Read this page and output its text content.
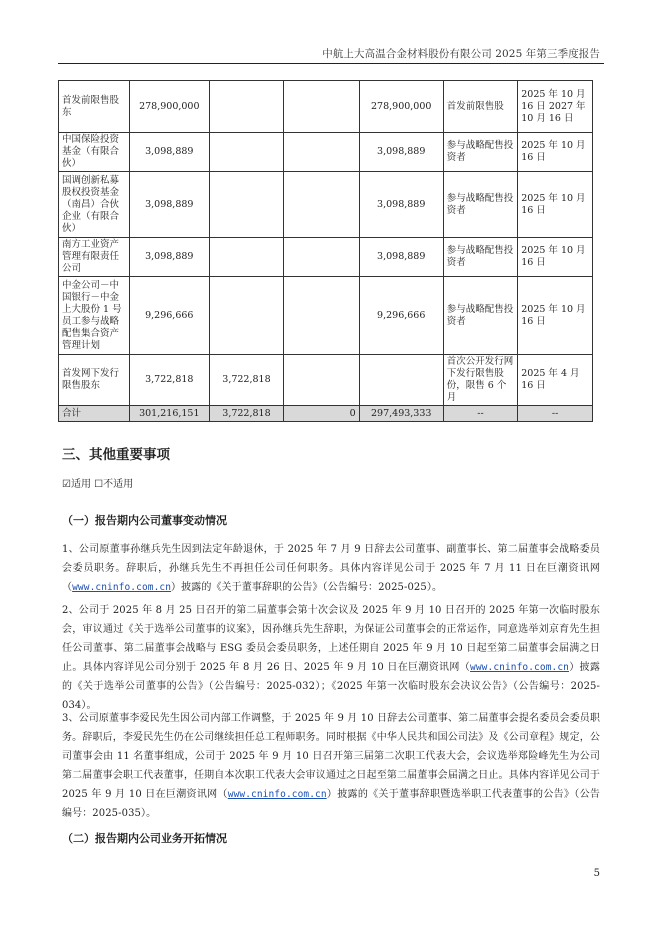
中航上大高温合金材料股份有限公司 2025 年第三季度报告
首发前限售股东	278,900,000			278,900,000	首发前限售股	2025 年 10 月 16 日 2027 年 10 月 16 日
中国保险投资基金（有限合伙）	3,098,889			3,098,889	参与战略配售投资者	2025 年 10 月 16 日
国调创新私募股权投资基金（南昌）合伙企业（有限合伙）	3,098,889			3,098,889	参与战略配售投资者	2025 年 10 月 16 日
南方工业资产管理有限责任公司	3,098,889			3,098,889	参与战略配售投资者	2025 年 10 月 16 日
中金公司－中国银行－中金上大股份 1 号员工参与战略配售集合资产管理计划	9,296,666			9,296,666	参与战略配售投资者	2025 年 10 月 16 日
首发网下发行限售股东	3,722,818	3,722,818			首次公开发行网下发行限售股份，限售 6 个月	2025 年 4 月 16 日
合计	301,216,151	3,722,818	0	297,493,333	--	--
三、其他重要事项
☑适用 ☐不适用
（一）报告期内公司董事变动情况
1、公司原董事孙继兵先生因到法定年龄退休，于 2025 年 7 月 9 日辞去公司董事、副董事长、第二届董事会战略委员会委员职务。辞职后，孙继兵先生不再担任公司任何职务。具体内容详见公司于 2025 年 7 月 11 日在巨潮资讯网（www.cninfo.com.cn）披露的《关于董事辞职的公告》（公告编号：2025-025）。
2、公司于 2025 年 8 月 25 日召开的第二届董事会第十次会议及 2025 年 9 月 10 日召开的 2025 年第一次临时股东会，审议通过《关于选举公司董事的议案》，因孙继兵先生辞职，为保证公司董事会的正常运作，同意选举刘京育先生担任公司董事、第二届董事会战略与 ESG 委员会委员职务，上述任期自 2025 年 9 月 10 日起至第二届董事会届满之日止。具体内容详见公司分别于 2025 年 8 月 26 日、2025 年 9 月 10 日在巨潮资讯网（www.cninfo.com.cn）披露的《关于选举公司董事的公告》（公告编号：2025-032）；《2025 年第一次临时股东会决议公告》（公告编号：2025-034）。
3、公司原董事李爱民先生因公司内部工作调整，于 2025 年 9 月 10 日辞去公司董事、第二届董事会提名委员会委员职务。辞职后，李爱民先生仍在公司继续担任总工程师职务。同时根据《中华人民共和国公司法》及《公司章程》规定，公司董事会由 11 名董事组成，公司于 2025 年 9 月 10 日召开第三届第二次职工代表大会，会议选举郑险峰先生为公司第二届董事会职工代表董事，任期自本次职工代表大会审议通过之日起至第二届董事会届满之日止。具体内容详见公司于 2025 年 9 月 10 日在巨潮资讯网（www.cninfo.com.cn）披露的《关于董事辞职暨选举职工代表董事的公告》（公告编号：2025-035）。
（二）报告期内公司业务开拓情况
5
